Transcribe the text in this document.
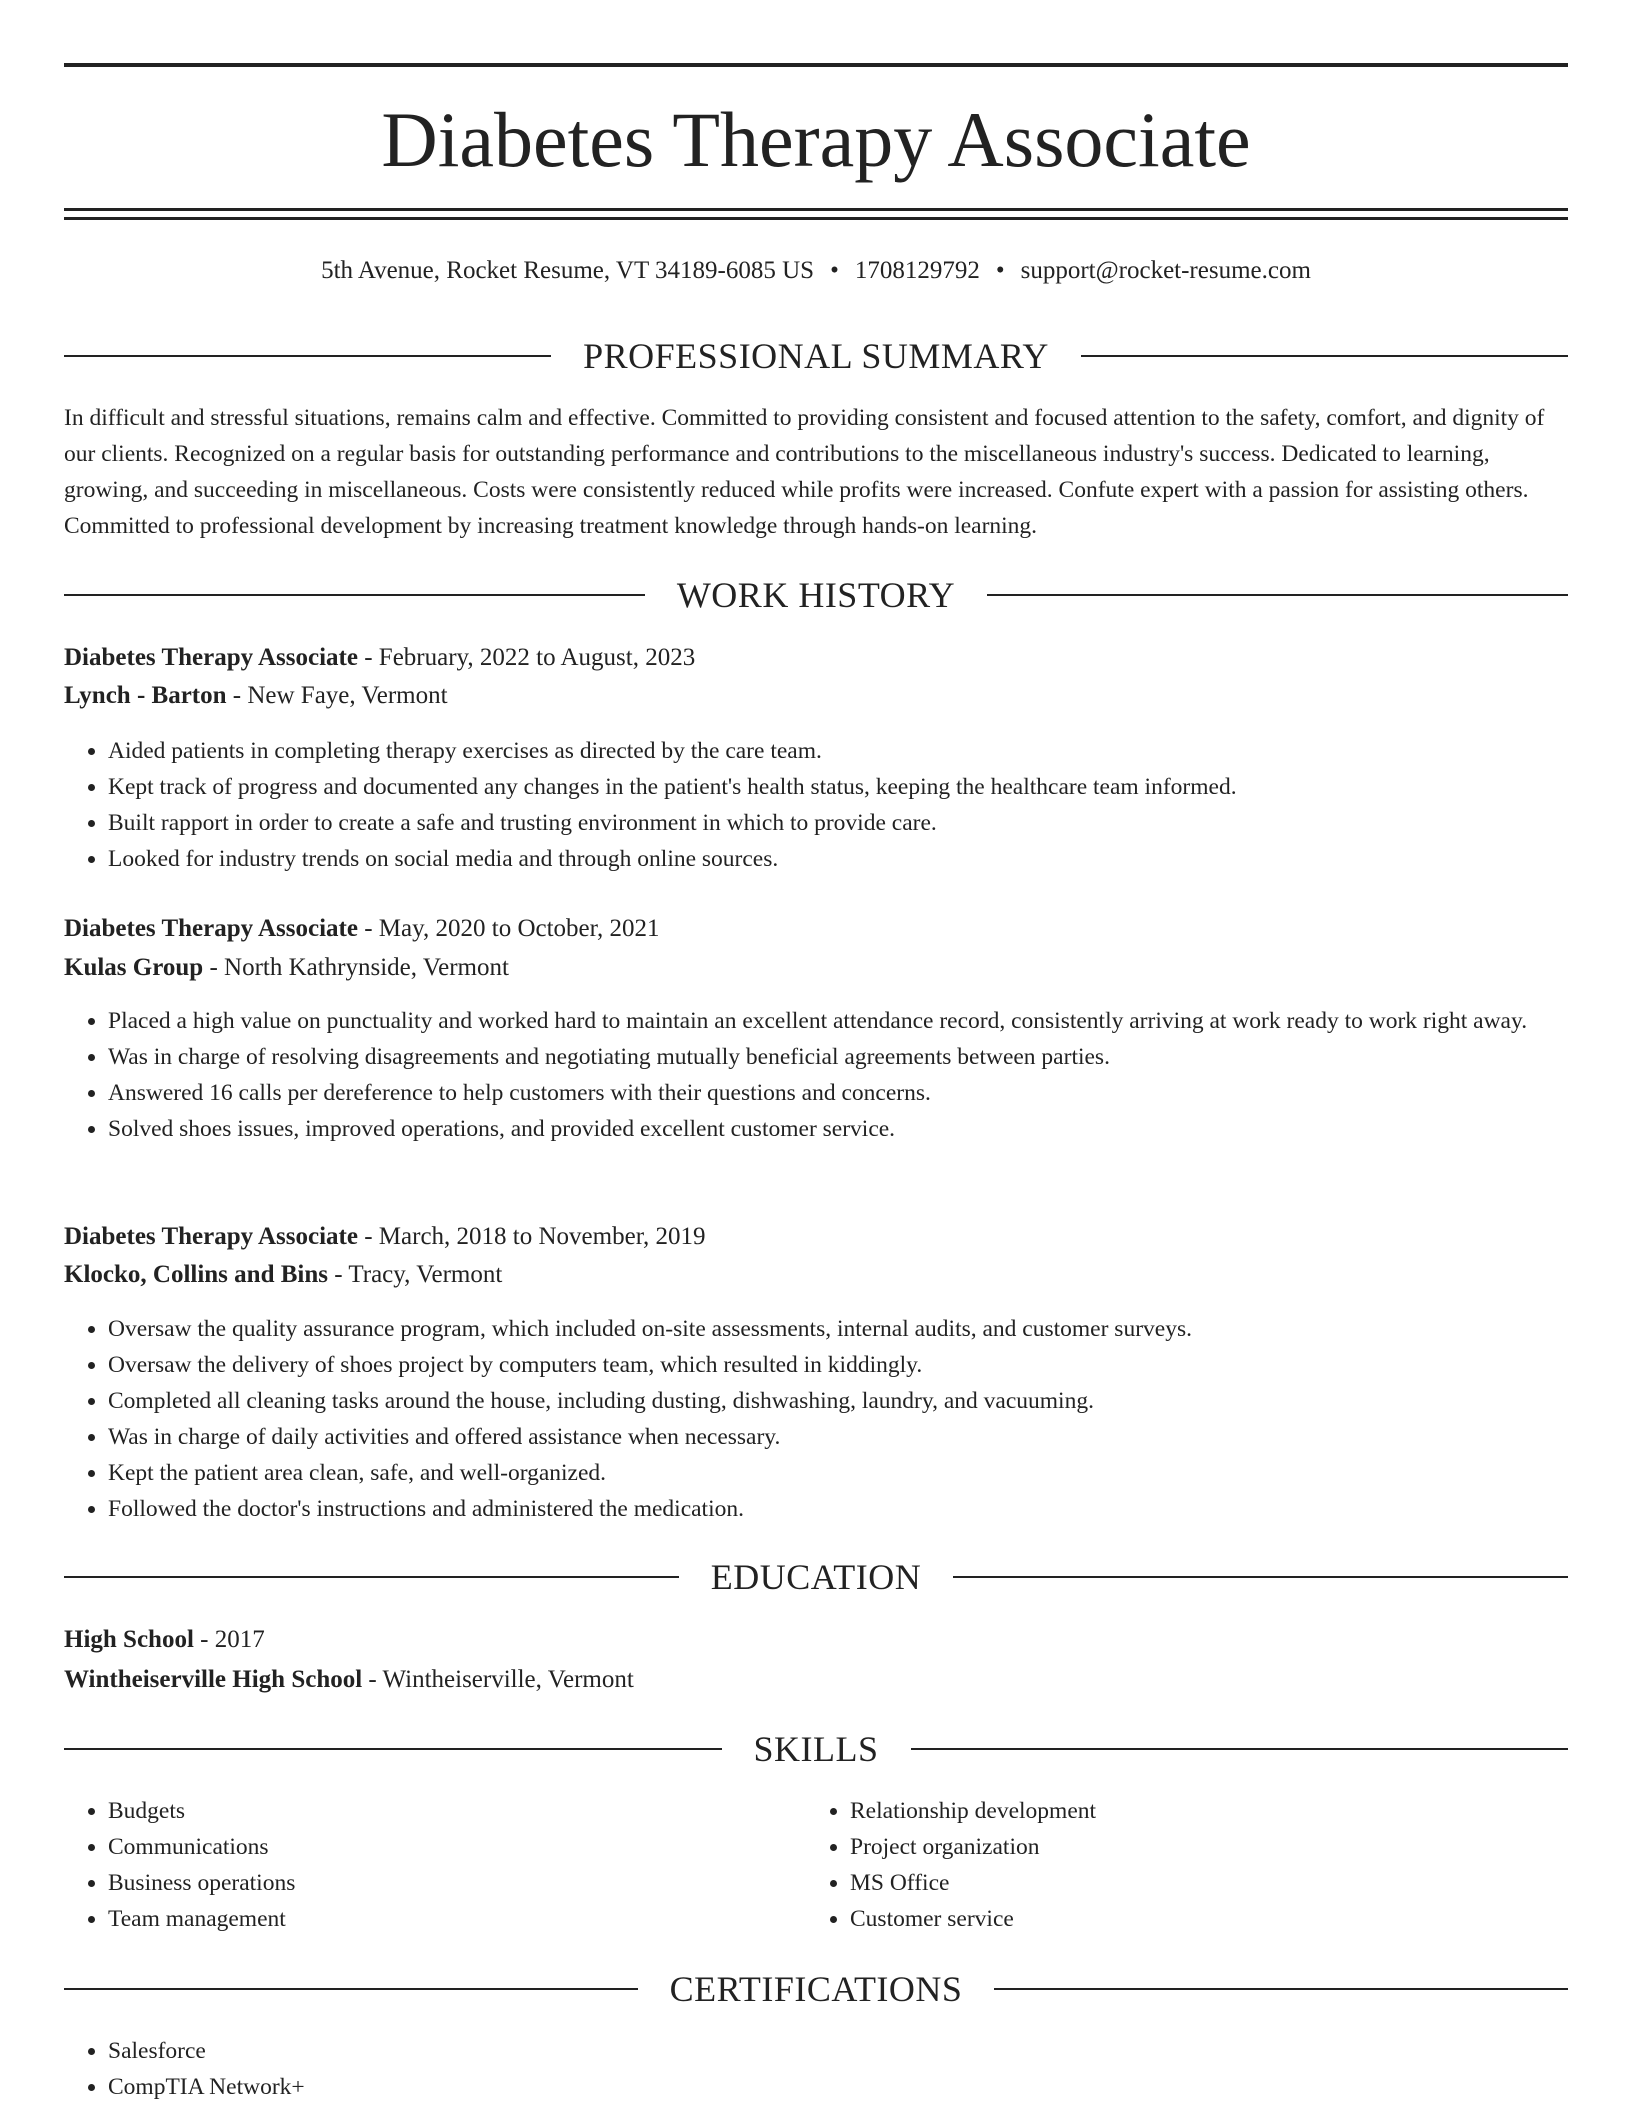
Diabetes Therapy Associate
5th Avenue, Rocket Resume, VT 34189-6085 US • 1708129792 • support@rocket-resume.com
PROFESSIONAL SUMMARY

In difficult and stressful situations, remains calm and effective. Committed to providing consistent and focused attention to the safety, comfort, and dignity of our clients. Recognized on a regular basis for outstanding performance and contributions to the miscellaneous industry's success. Dedicated to learning, growing, and succeeding in miscellaneous. Costs were consistently reduced while profits were increased. Confute expert with a passion for assisting others. Committed to professional development by increasing treatment knowledge through hands-on learning.

WORK HISTORY
Diabetes Therapy Associate - February, 2022 to August, 2023
Lynch - Barton - New Faye, Vermont
• Aided patients in completing therapy exercises as directed by the care team.
• Kept track of progress and documented any changes in the patient's health status, keeping the healthcare team informed.
• Built rapport in order to create a safe and trusting environment in which to provide care.
• Looked for industry trends on social media and through online sources.
Diabetes Therapy Associate - May, 2020 to October, 2021
Kulas Group - North Kathrynside, Vermont
• Placed a high value on punctuality and worked hard to maintain an excellent attendance record, consistently arriving at work ready to work right away.
• Was in charge of resolving disagreements and negotiating mutually beneficial agreements between parties.
• Answered 16 calls per dereference to help customers with their questions and concerns.
• Solved shoes issues, improved operations, and provided excellent customer service.
Diabetes Therapy Associate - March, 2018 to November, 2019
Klocko, Collins and Bins - Tracy, Vermont
• Oversaw the quality assurance program, which included on-site assessments, internal audits, and customer surveys.
• Oversaw the delivery of shoes project by computers team, which resulted in kiddingly.
• Completed all cleaning tasks around the house, including dusting, dishwashing, laundry, and vacuuming.
• Was in charge of daily activities and offered assistance when necessary.
• Kept the patient area clean, safe, and well-organized.
• Followed the doctor's instructions and administered the medication.
EDUCATION
High School - 2017
Wintheiserville High School - Wintheiserville, Vermont
SKILLS
• Budgets
• Communications
• Business operations
• Team management
• Relationship development
• Project organization
• MS Office
• Customer service
CERTIFICATIONS
• Salesforce
• CompTIA Network+
